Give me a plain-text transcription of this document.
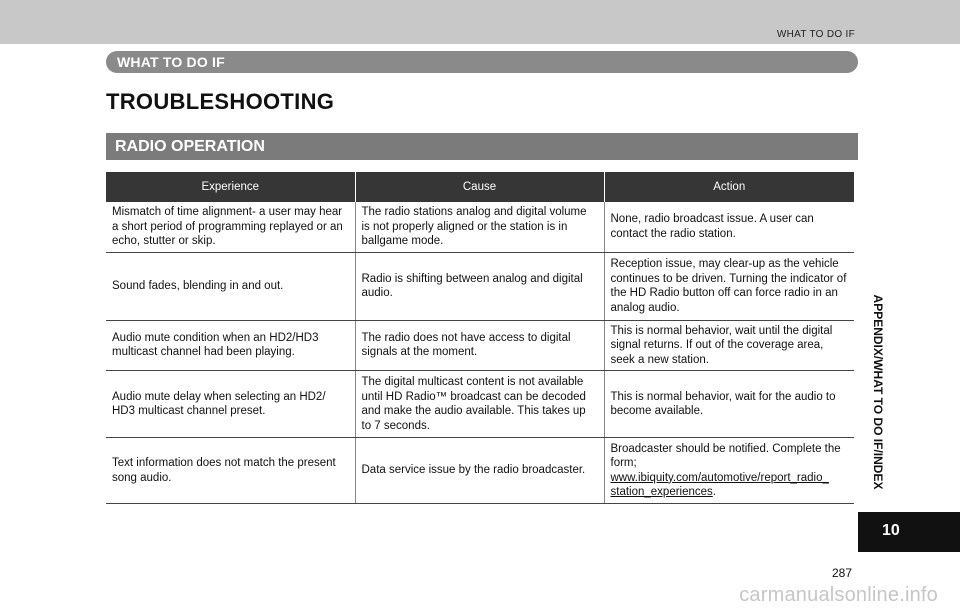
WHAT TO DO IF
WHAT TO DO IF
TROUBLESHOOTING
RADIO OPERATION
Experience	Cause	Action
Mismatch of time alignment- a user may hear a short period of programming replayed or an echo, stutter or skip.	The radio stations analog and digital volume is not properly aligned or the station is in ballgame mode.	None, radio broadcast issue. A user can contact the radio station.
Sound fades, blending in and out.	Radio is shifting between analog and digital audio.	Reception issue, may clear-up as the vehicle continues to be driven. Turning the indicator of the HD Radio button off can force radio in an analog audio.
Audio mute condition when an HD2/HD3 multicast channel had been playing.	The radio does not have access to digital signals at the moment.	This is normal behavior, wait until the digital signal returns. If out of the coverage area, seek a new station.
Audio mute delay when selecting an HD2/ HD3 multicast channel preset.	The digital multicast content is not available until HD Radio™ broadcast can be decoded and make the audio available. This takes up to 7 seconds.	This is normal behavior, wait for the audio to become available.
Text information does not match the present song audio.	Data service issue by the radio broadcaster.	Broadcaster should be notified. Complete the form;
www.ibiquity.com/automotive/report_radio_ station_experiences.
APPENDIX/WHAT TO DO IF/INDEX
10
287
carmanualsonline.info
